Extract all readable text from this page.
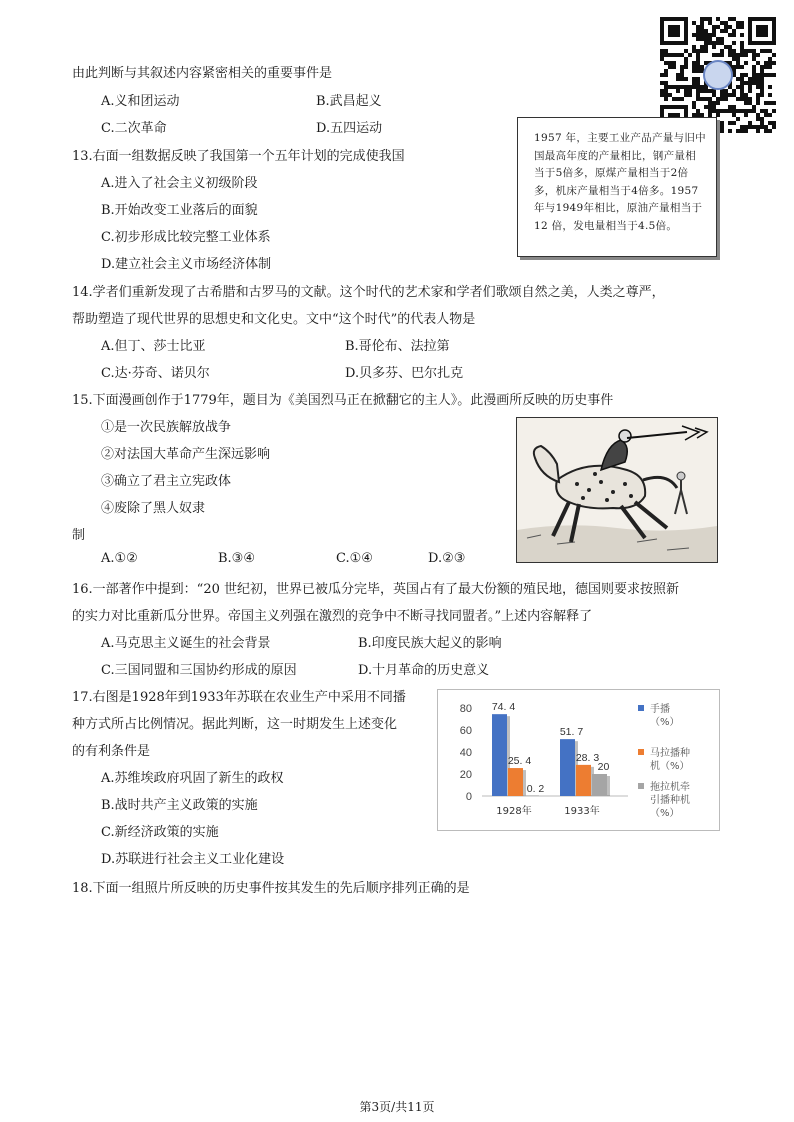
由此判断与其叙述内容紧密相关的重要事件是
A.义和团运动	B.武昌起义
C.二次革命	D.五四运动
13.右面一组数据反映了我国第一个五年计划的完成使我国
A.进入了社会主义初级阶段
B.开始改变工业落后的面貌
C.初步形成比较完整工业体系
D.建立社会主义市场经济体制
1957 年，主要工业产品产量与旧中国最高年度的产量相比，钢产量相当于5倍多，原煤产量相当于2倍多，机床产量相当于4倍多。1957年与1949年相比，原油产量相当于12 倍，发电量相当于4.5倍。
14.学者们重新发现了古希腊和古罗马的文献。这个时代的艺术家和学者们歌颂自然之美，人类之尊严，
帮助塑造了现代世界的思想史和文化史。文中“这个时代”的代表人物是
A.但丁、莎士比亚	B.哥伦布、法拉第
C.达·芬奇、诺贝尔	D.贝多芬、巴尔扎克
15.下面漫画创作于1779年，题目为《美国烈马正在掀翻它的主人》。此漫画所反映的历史事件
①是一次民族解放战争
②对法国大革命产生深远影响
③确立了君主立宪政体
④废除了黑人奴隶
制
A.①②	B.③④	C.①④	D.②③
16.一部著作中提到：“20 世纪初，世界已被瓜分完毕，英国占有了最大份额的殖民地，德国则要求按照新
的实力对比重新瓜分世界。帝国主义列强在激烈的竞争中不断寻找同盟者。”上述内容解释了
A.马克思主义诞生的社会背景	B.印度民族大起义的影响
C.三国同盟和三国协约形成的原因	D.十月革命的历史意义
17.右图是1928年到1933年苏联在农业生产中采用不同播
种方式所占比例情况。据此判断，这一时期发生上述变化
的有利条件是
A.苏维埃政府巩固了新生的政权
B.战时共产主义政策的实施
C.新经济政策的实施
D.苏联进行社会主义工业化建设
0
20
40
60
80 74. 4
25. 4
0. 2
1928年
51. 7
28. 3
20
1933年
手播
（%）
马拉播种
机（%）
拖拉机牵
引播种机
（%）
18.下面一组照片所反映的历史事件按其发生的先后顺序排列正确的是
第3页/共11页
